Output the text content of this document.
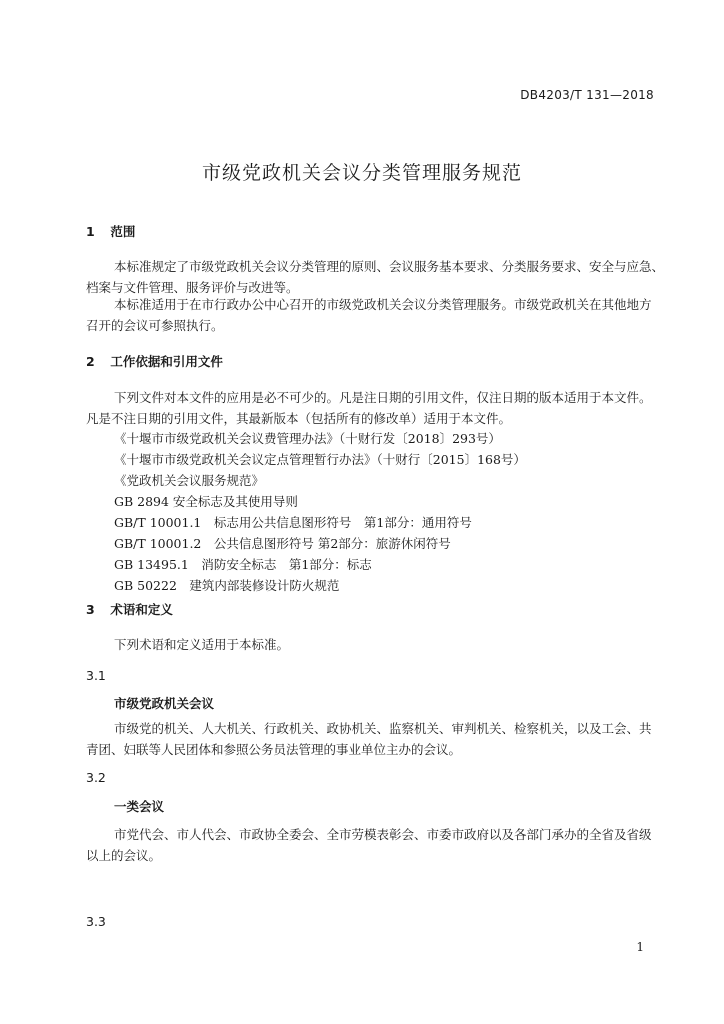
DB4203/T 131—2018
市级党政机关会议分类管理服务规范
1 范围
本标准规定了市级党政机关会议分类管理的原则、会议服务基本要求、分类服务要求、安全与应急、
档案与文件管理、服务评价与改进等。
本标准适用于在市行政办公中心召开的市级党政机关会议分类管理服务。市级党政机关在其他地方
召开的会议可参照执行。
2 工作依据和引用文件
下列文件对本文件的应用是必不可少的。凡是注日期的引用文件，仅注日期的版本适用于本文件。
凡是不注日期的引用文件，其最新版本（包括所有的修改单）适用于本文件。
《十堰市市级党政机关会议费管理办法》（十财行发〔2018〕293号）
《十堰市市级党政机关会议定点管理暂行办法》（十财行〔2015〕168号）
《党政机关会议服务规范》
GB 2894 安全标志及其使用导则
GB/T 10001.1　标志用公共信息图形符号　第1部分：通用符号
GB/T 10001.2　公共信息图形符号 第2部分：旅游休闲符号
GB 13495.1　消防安全标志　第1部分：标志
GB 50222　建筑内部装修设计防火规范
3 术语和定义
下列术语和定义适用于本标准。
3.1
市级党政机关会议
市级党的机关、人大机关、行政机关、政协机关、监察机关、审判机关、检察机关，以及工会、共
青团、妇联等人民团体和参照公务员法管理的事业单位主办的会议。
3.2
一类会议
市党代会、市人代会、市政协全委会、全市劳模表彰会、市委市政府以及各部门承办的全省及省级
以上的会议。
3.3
1
